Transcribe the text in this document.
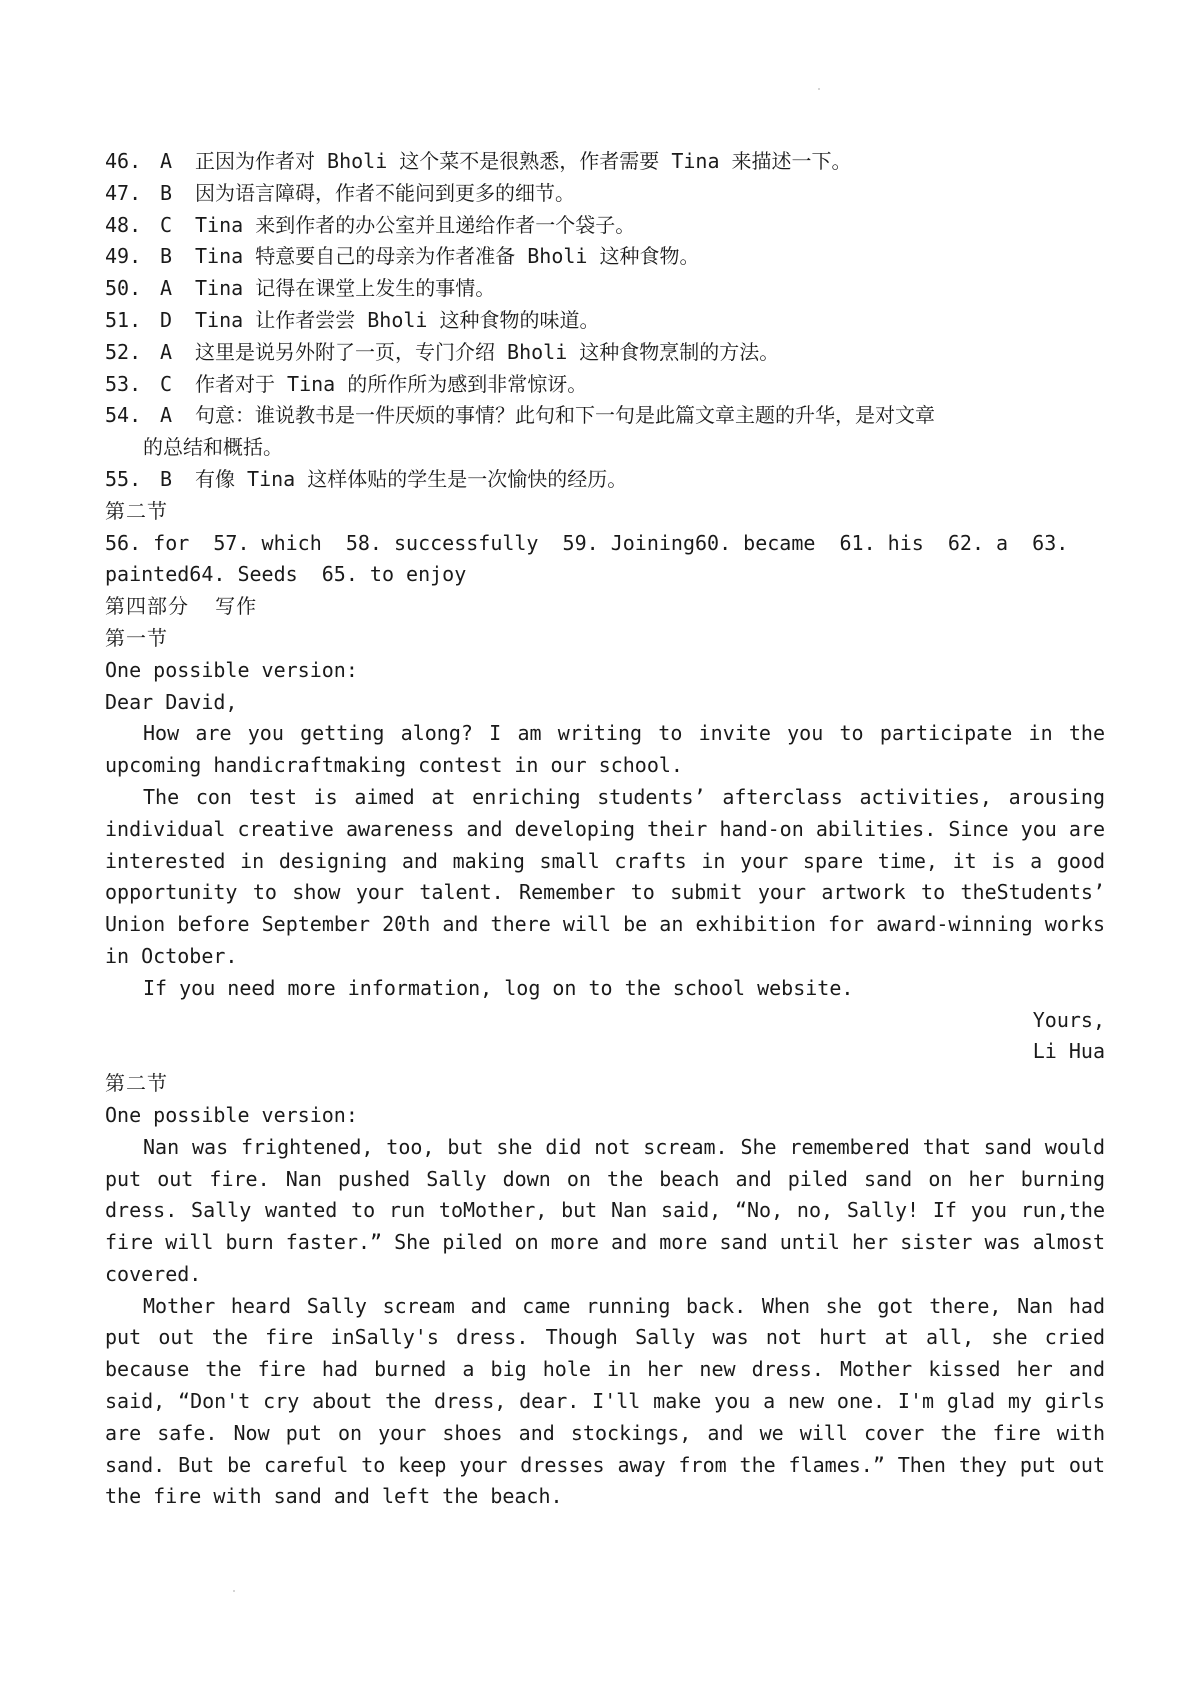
46. A	正因为作者对 Bholi 这个菜不是很熟悉，作者需要 Tina 来描述一下。
47. B	因为语言障碍，作者不能问到更多的细节。
48. C	Tina 来到作者的办公室并且递给作者一个袋子。
49. B	Tina 特意要自己的母亲为作者准备 Bholi 这种食物。
50. A	Tina 记得在课堂上发生的事情。
51. D	Tina 让作者尝尝 Bholi 这种食物的味道。
52. A	这里是说另外附了一页，专门介绍 Bholi 这种食物烹制的方法。
53. C	作者对于 Tina 的所作所为感到非常惊讶。
54. A	句意：谁说教书是一件厌烦的事情？此句和下一句是此篇文章主题的升华，是对文章
的总结和概括。
55. B	有像 Tina 这样体贴的学生是一次愉快的经历。
第二节
56. for  57. which  58. successfully  59. Joining60. became  61. his  62. a  63.
painted64. Seeds  65. to enjoy
第四部分  写作
第一节
One possible version:
Dear David,
How are you getting along? I am writing to invite you to participate in the upcoming handicraftmaking contest in our school.
The con test is aimed at enriching students’ afterclass activities, arousing individual creative awareness and developing their hand-on abilities. Since you are interested in designing and making small crafts in your spare time, it is a good opportunity to show your talent. Remember to submit your artwork to theStudents’ Union before September 20th and there will be an exhibition for award-winning works in October.
If you need more information, log on to the school website.
Yours,
Li Hua
第二节
One possible version:
Nan was frightened, too, but she did not scream. She remembered that sand would put out fire. Nan pushed Sally down on the beach and piled sand on her burning dress. Sally wanted to run toMother, but Nan said, “No, no, Sally! If you run,the fire will burn faster.” She piled on more and more sand until her sister was almost covered.
Mother heard Sally scream and came running back. When she got there, Nan had put out the fire inSally's dress. Though Sally was not hurt at all, she cried because the fire had burned a big hole in her new dress. Mother kissed her and said, “Don't cry about the dress, dear. I'll make you a new one. I'm glad my girls are safe. Now put on your shoes and stockings, and we will cover the fire with sand. But be careful to keep your dresses away from the flames.” Then they put out the fire with sand and left the beach.
